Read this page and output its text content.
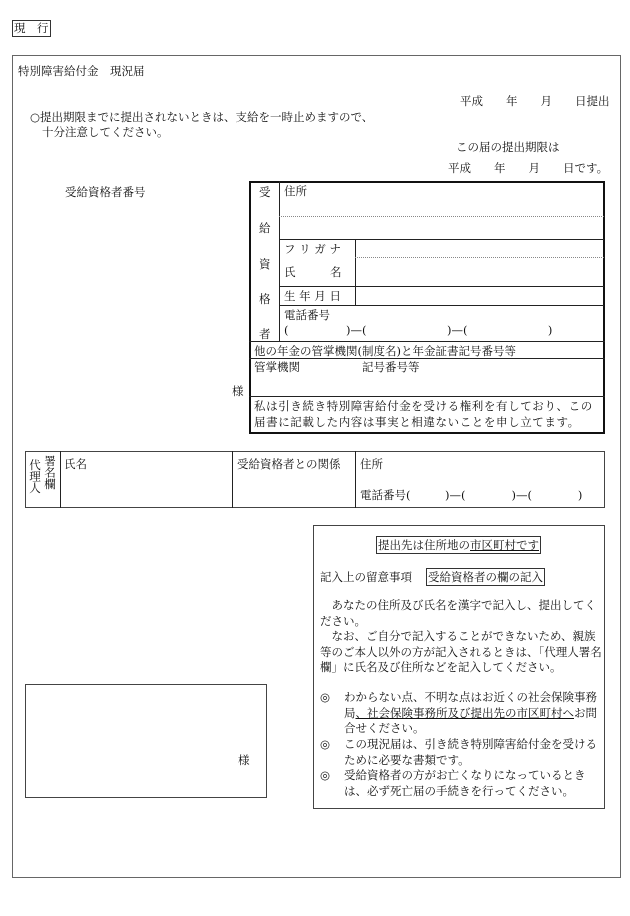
現　行
特別障害給付金　現況届
平成　　年　　月　　日提出
○提出期限までに提出されないときは、支給を一時止めますので、
十分注意してください。
この届の提出期限は
平成　　年　　月　　日です。
受給資格者番号
様
受
給
資
格
者
住所
フ リ ガ ナ
氏　　　名
生 年 月 日
電話番号
(　　　　　)—(　　　　　　　)—(　　　　　　　)
他の年金の管掌機関(制度名)と年金証書記号番号等
管掌機関	記号番号等
私は引き続き特別障害給付金を受ける権利を有しており、この届書に記載した内容は事実と相違ないことを申し立てます。
署名欄
代理人 氏名	受給資格者との関係 住所
電話番号(　　　)—(　　　　)—(　　　　)
様
提出先は住所地の市区町村です
記入上の留意事項 受給資格者の欄の記入
　あなたの住所及び氏名を漢字で記入し、提出してください。
　なお、ご自分で記入することができないため、親族等のご本人以外の方が記入されるときは、「代理人署名欄」に氏名及び住所などを記入してください。
◎ わからない点、不明な点はお近くの社会保険事務局、社会保険事務所及び提出先の市区町村へお問合せください。
◎ この現況届は、引き続き特別障害給付金を受けるために必要な書類です。
◎ 受給資格者の方がお亡くなりになっているときは、必ず死亡届の手続きを行ってください。
